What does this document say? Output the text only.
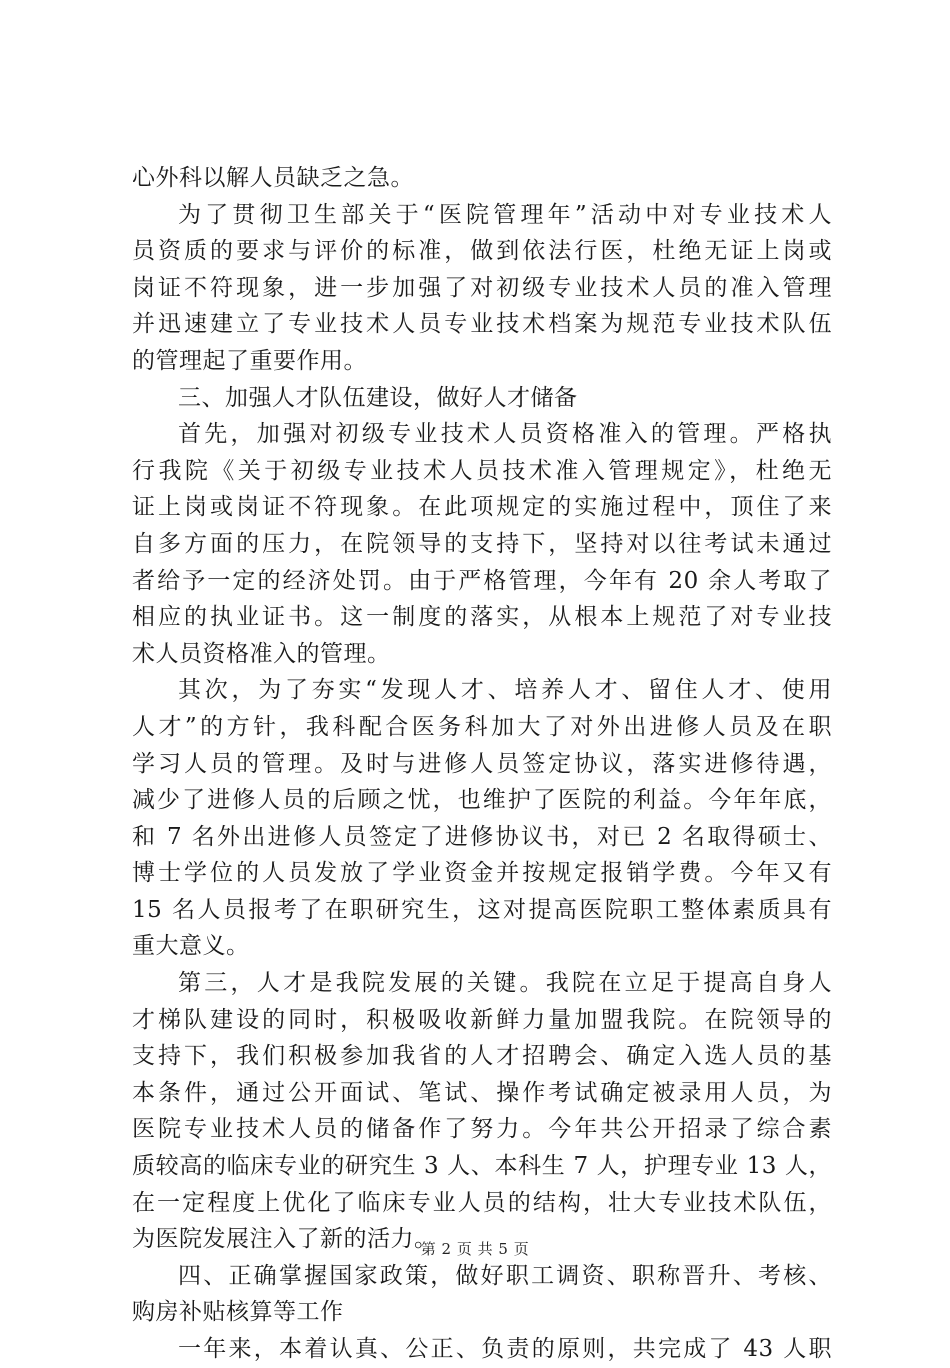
心外科以解人员缺乏之急。
为了贯彻卫生部关于“医院管理年”活动中对专业技术人
员资质的要求与评价的标准，做到依法行医，杜绝无证上岗或
岗证不符现象，进一步加强了对初级专业技术人员的准入管理
并迅速建立了专业技术人员专业技术档案为规范专业技术队伍
的管理起了重要作用。
三、加强人才队伍建设，做好人才储备
首先，加强对初级专业技术人员资格准入的管理。严格执
行我院《关于初级专业技术人员技术准入管理规定》，杜绝无
证上岗或岗证不符现象。在此项规定的实施过程中，顶住了来
自多方面的压力，在院领导的支持下，坚持对以往考试未通过
者给予一定的经济处罚。由于严格管理，今年有 20 余人考取了
相应的执业证书。这一制度的落实，从根本上规范了对专业技
术人员资格准入的管理。
其次，为了夯实“发现人才、培养人才、留住人才、使用
人才”的方针，我科配合医务科加大了对外出进修人员及在职
学习人员的管理。及时与进修人员签定协议，落实进修待遇，
减少了进修人员的后顾之忧，也维护了医院的利益。今年年底，
和 7 名外出进修人员签定了进修协议书，对已 2 名取得硕士、
博士学位的人员发放了学业资金并按规定报销学费。今年又有
15 名人员报考了在职研究生，这对提高医院职工整体素质具有
重大意义。
第三，人才是我院发展的关键。我院在立足于提高自身人
才梯队建设的同时，积极吸收新鲜力量加盟我院。在院领导的
支持下，我们积极参加我省的人才招聘会、确定入选人员的基
本条件，通过公开面试、笔试、操作考试确定被录用人员，为
医院专业技术人员的储备作了努力。今年共公开招录了综合素
质较高的临床专业的研究生 3 人、本科生 7 人，护理专业 13 人，
在一定程度上优化了临床专业人员的结构，壮大专业技术队伍，
为医院发展注入了新的活力。
四、正确掌握国家政策，做好职工调资、职称晋升、考核、
购房补贴核算等工作
一年来，本着认真、公正、负责的原则，共完成了 43 人职
第 2 页 共 5 页
